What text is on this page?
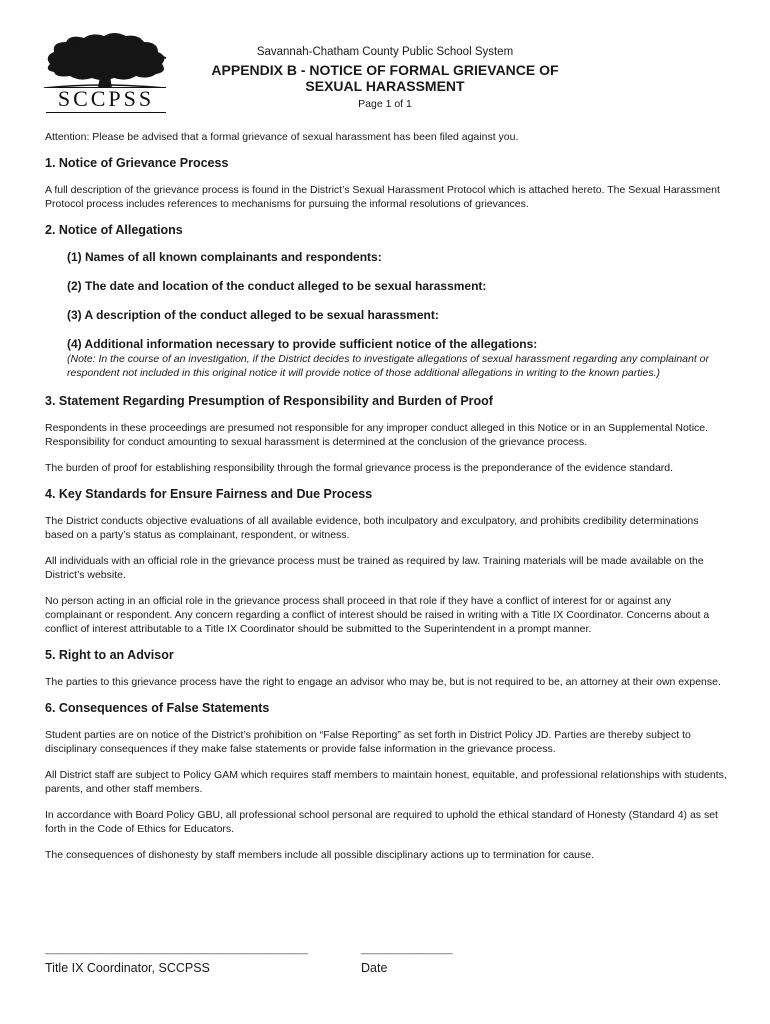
SCCPSS
Savannah-Chatham County Public School System
APPENDIX B - NOTICE OF FORMAL GRIEVANCE OF
SEXUAL HARASSMENT
Page 1 of 1

Attention: Please be advised that a formal grievance of sexual harassment has been filed against you.

1. Notice of Grievance Process

A full description of the grievance process is found in the District’s Sexual Harassment Protocol which is attached hereto. The Sexual Harassment Protocol process includes references to mechanisms for pursuing the informal resolutions of grievances.

2. Notice of Allegations

(1) Names of all known complainants and respondents:

(2) The date and location of the conduct alleged to be sexual harassment:

(3) A description of the conduct alleged to be sexual harassment:

(4) Additional information necessary to provide sufficient notice of the allegations:

(Note: In the course of an investigation, if the District decides to investigate allegations of sexual harassment regarding any complainant or respondent not included in this original notice it will provide notice of those additional allegations in writing to the known parties.)

3. Statement Regarding Presumption of Responsibility and Burden of Proof

Respondents in these proceedings are presumed not responsible for any improper conduct alleged in this Notice or in an Supplemental Notice. Responsibility for conduct amounting to sexual harassment is determined at the conclusion of the grievance process.

The burden of proof for establishing responsibility through the formal grievance process is the preponderance of the evidence standard.

4. Key Standards for Ensure Fairness and Due Process

The District conducts objective evaluations of all available evidence, both inculpatory and exculpatory, and prohibits credibility determinations based on a party’s status as complainant, respondent, or witness.

All individuals with an official role in the grievance process must be trained as required by law. Training materials will be made available on the District’s website.

No person acting in an official role in the grievance process shall proceed in that role if they have a conflict of interest for or against any complainant or respondent. Any concern regarding a conflict of interest should be raised in writing with a Title IX Coordinator. Concerns about a conflict of interest attributable to a Title IX Coordinator should be submitted to the Superintendent in a prompt manner.

5. Right to an Advisor

The parties to this grievance process have the right to engage an advisor who may be, but is not required to be, an attorney at their own expense.

6. Consequences of False Statements

Student parties are on notice of the District’s prohibition on “False Reporting” as set forth in District Policy JD. Parties are thereby subject to disciplinary consequences if they make false statements or provide false information in the grievance process.

All District staff are subject to Policy GAM which requires staff members to maintain honest, equitable, and professional relationships with students, parents, and other staff members.

In accordance with Board Policy GBU, all professional school personal are required to uphold the ethical standard of Honesty (Standard 4) as set forth in the Code of Ethics for Educators.

The consequences of dishonesty by staff members include all possible disciplinary actions up to termination for cause.

___________________________________________
Title IX Coordinator, SCCPSS
_______________
Date
